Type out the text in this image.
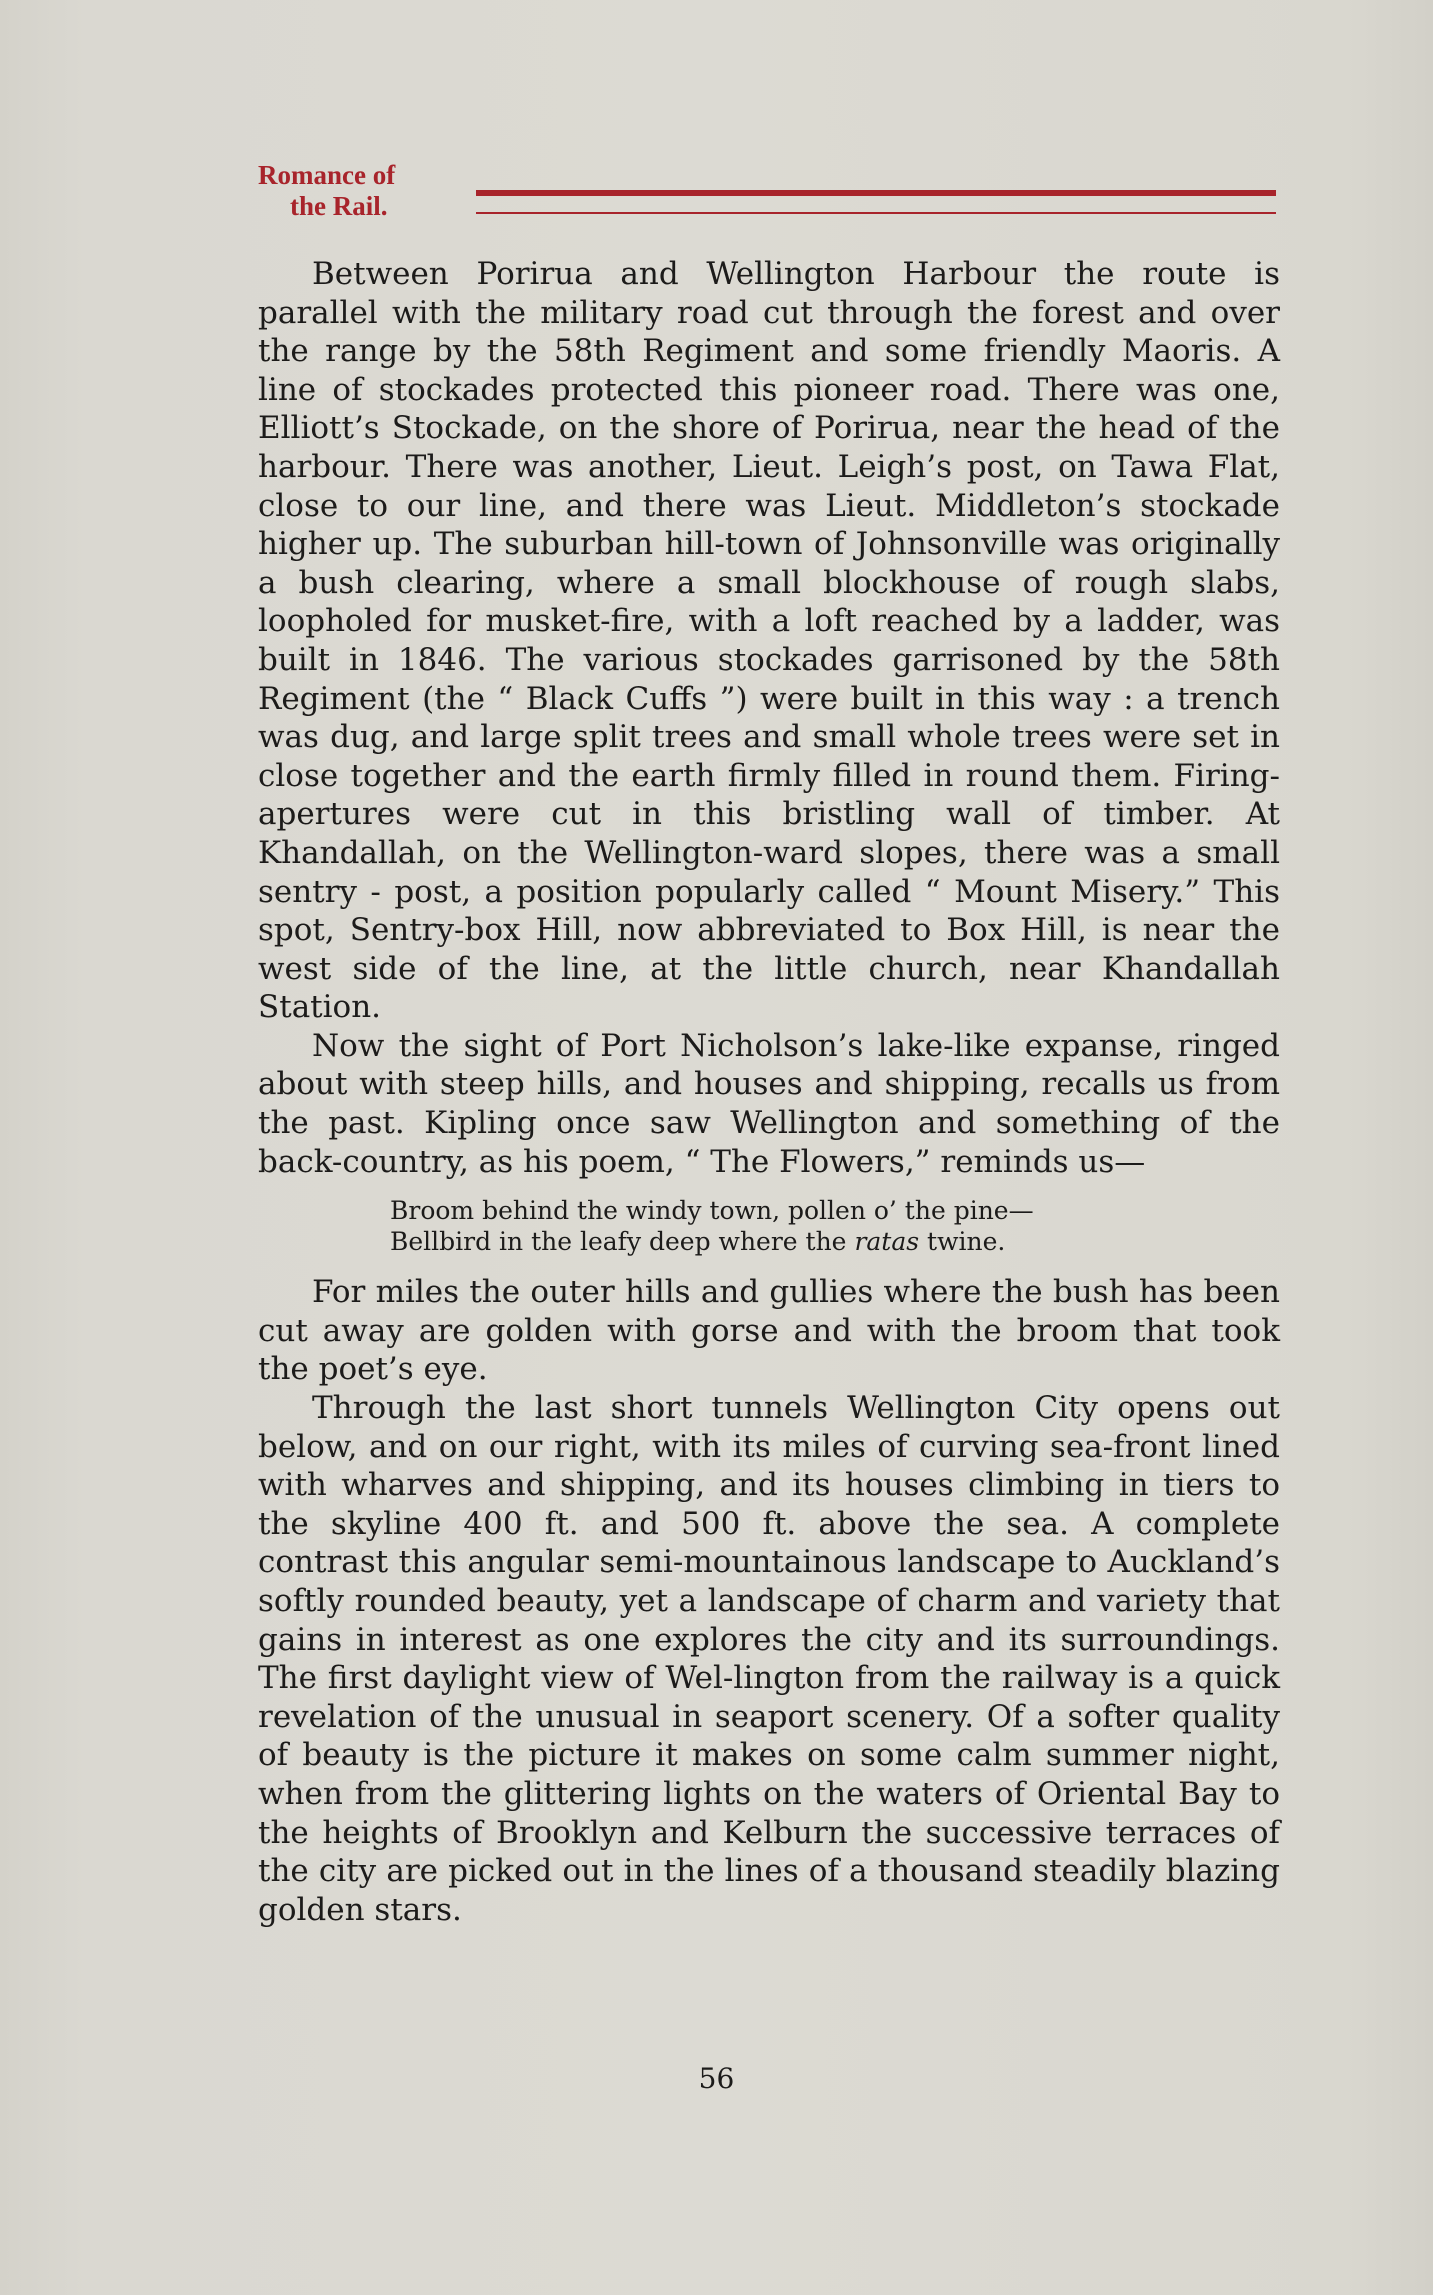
Romance of
the Rail.

Between Porirua and Wellington Harbour the route is parallel with the military road cut through the forest and over the range by the 58th Regiment and some friendly Maoris. A line of stockades protected this pioneer road. There was one, Elliott’s Stockade, on the shore of Porirua, near the head of the harbour. There was another, Lieut. Leigh’s post, on Tawa Flat, close to our line, and there was Lieut. Middleton’s stockade higher up. The suburban hill-town of Johnsonville was originally a bush clearing, where a small blockhouse of rough slabs, loopholed for musket-fire, with a loft reached by a ladder, was built in 1846. The various stockades garrisoned by the 58th Regiment (the “ Black Cuffs ”) were built in this way : a trench was dug, and large split trees and small whole trees were set in close together and the earth firmly filled in round them. Firing-apertures were cut in this bristling wall of timber. At Khandallah, on the Wellington-ward slopes, there was a small sentry - post, a position popularly called “ Mount Misery.” This spot, Sentry-box Hill, now abbreviated to Box Hill, is near the west side of the line, at the little church, near Khandallah Station.

Now the sight of Port Nicholson’s lake-like expanse, ringed about with steep hills, and houses and shipping, recalls us from the past. Kipling once saw Wellington and something of the back-country, as his poem, “ The Flowers,” reminds us—

Broom behind the windy town, pollen o’ the pine—
Bellbird in the leafy deep where the ratas twine.

For miles the outer hills and gullies where the bush has been cut away are golden with gorse and with the broom that took the poet’s eye.

Through the last short tunnels Wellington City opens out below, and on our right, with its miles of curving sea-front lined with wharves and shipping, and its houses climbing in tiers to the skyline 400 ft. and 500 ft. above the sea. A complete contrast this angular semi-mountainous landscape to Auckland’s softly rounded beauty, yet a landscape of charm and variety that gains in interest as one explores the city and its surroundings. The first daylight view of Wel-lington from the railway is a quick revelation of the unusual in seaport scenery. Of a softer quality of beauty is the picture it makes on some calm summer night, when from the glittering lights on the waters of Oriental Bay to the heights of Brooklyn and Kelburn the successive terraces of the city are picked out in the lines of a thousand steadily blazing golden stars.

56
